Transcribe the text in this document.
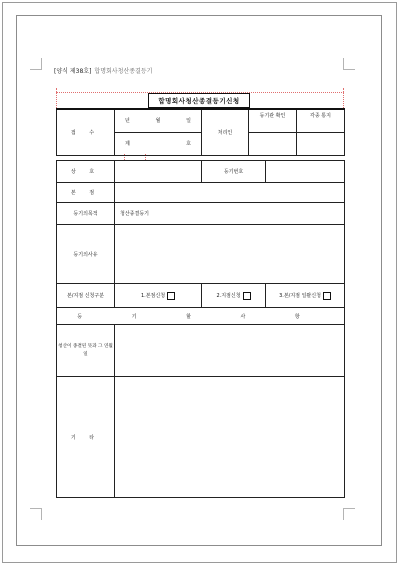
[양식 제38호] 합명회사청산종결등기
합명회사청산종결등기신청
접 수	년 월 일	처리인	등기관 확인	각종 통지

	제 호			

상 호		등기번호	
본 점			
등기의목적	청산종결등기		
등기의사유			
본/지점 신청구분	1.본점신청	2.지점신청	3.본/지점 일괄신청

등 기 할 사 항			
청산이 종결된 뜻과 그 연월일			
기 타			
